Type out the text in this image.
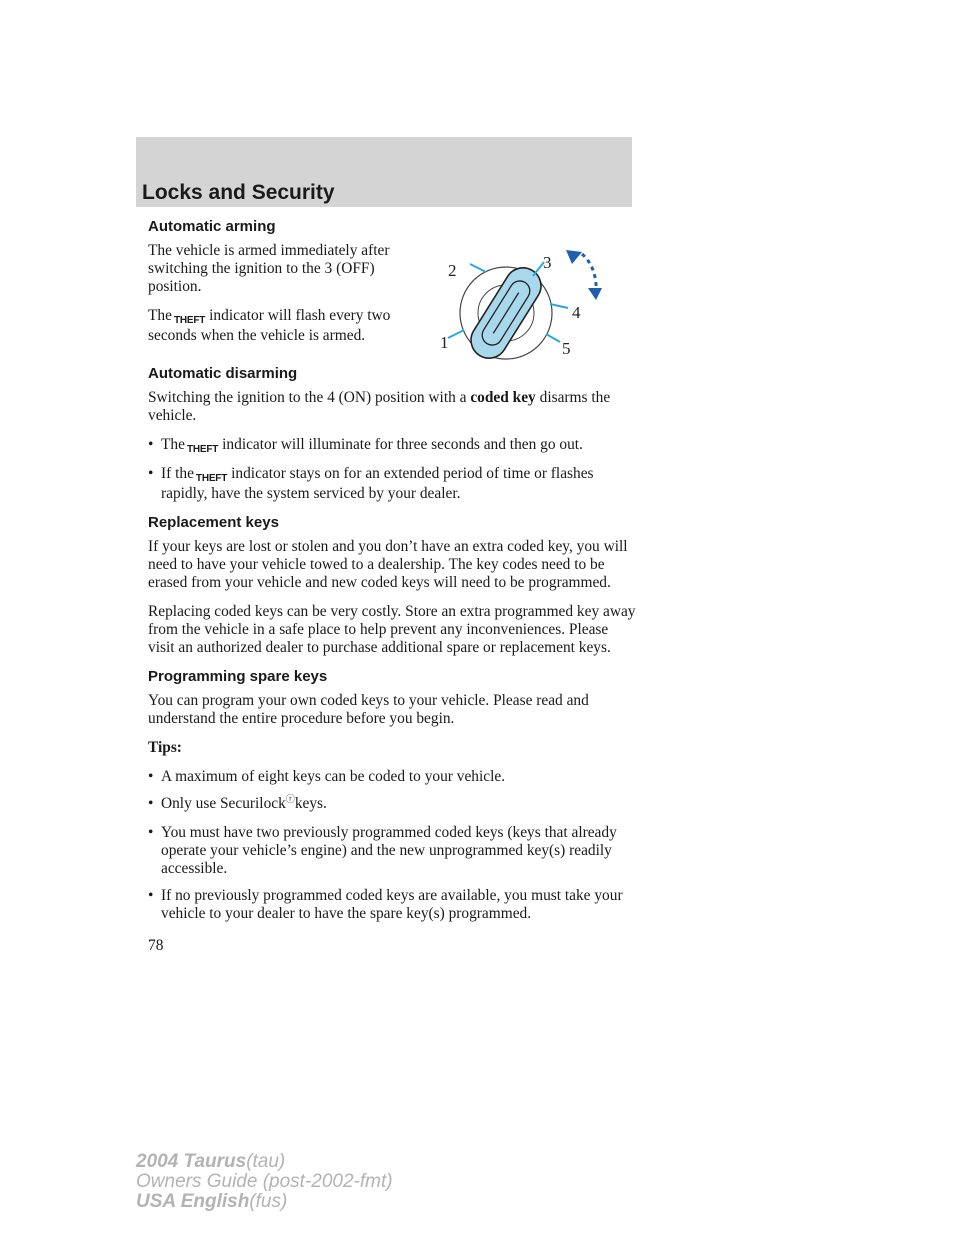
Locks and Security
Automatic arming

The vehicle is armed immediately after switching the ignition to the 3 (OFF) position.

The THEFT indicator will flash every two seconds when the vehicle is armed.

Automatic disarming

Switching the ignition to the 4 (ON) position with a coded key disarms the vehicle.

• The THEFT indicator will illuminate for three seconds and then go out.
• If the THEFT indicator stays on for an extended period of time or flashes rapidly, have the system serviced by your dealer.
Replacement keys

If your keys are lost or stolen and you don’t have an extra coded key, you will need to have your vehicle towed to a dealership. The key codes need to be erased from your vehicle and new coded keys will need to be programmed.

Replacing coded keys can be very costly. Store an extra programmed key away from the vehicle in a safe place to help prevent any inconveniences. Please visit an authorized dealer to purchase additional spare or replacement keys.

Programming spare keys

You can program your own coded keys to your vehicle. Please read and understand the entire procedure before you begin.

Tips:

• A maximum of eight keys can be coded to your vehicle.
• Only use Securilockⓡkeys.
• You must have two previously programmed coded keys (keys that already operate your vehicle’s engine) and the new unprogrammed key(s) readily accessible.
• If no previously programmed coded keys are available, you must take your vehicle to your dealer to have the spare key(s) programmed.
1
2	3
4
5

78

2004 Taurus(tau)
Owners Guide (post-2002-fmt)
USA English(fus)
